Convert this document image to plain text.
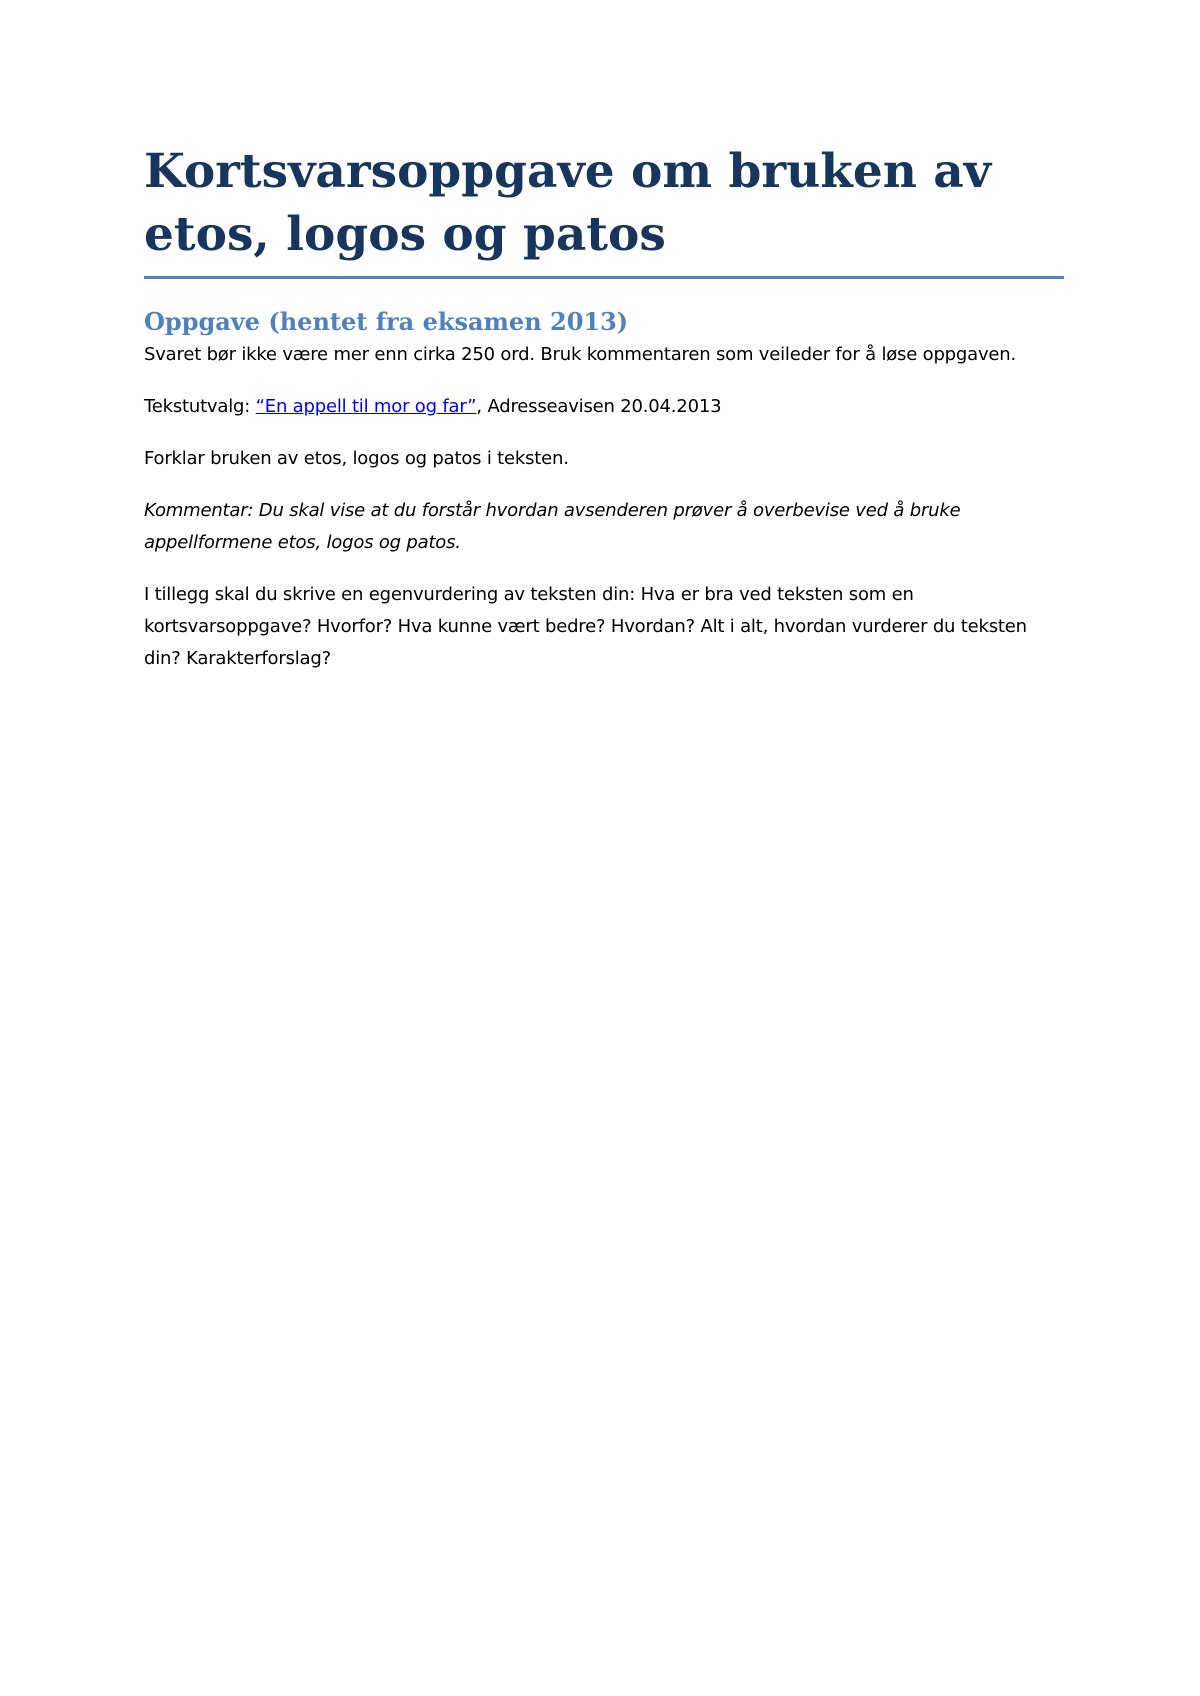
Kortsvarsoppgave om bruken av etos, logos og patos
Oppgave (hentet fra eksamen 2013)

Svaret bør ikke være mer enn cirka 250 ord. Bruk kommentaren som veileder for å løse oppgaven.

Tekstutvalg: “En appell til mor og far”, Adresseavisen 20.04.2013

Forklar bruken av etos, logos og patos i teksten.

Kommentar: Du skal vise at du forstår hvordan avsenderen prøver å overbevise ved å bruke appellformene etos, logos og patos.

I tillegg skal du skrive en egenvurdering av teksten din: Hva er bra ved teksten som en kortsvarsoppgave? Hvorfor? Hva kunne vært bedre? Hvordan? Alt i alt, hvordan vurderer du teksten din? Karakterforslag?
